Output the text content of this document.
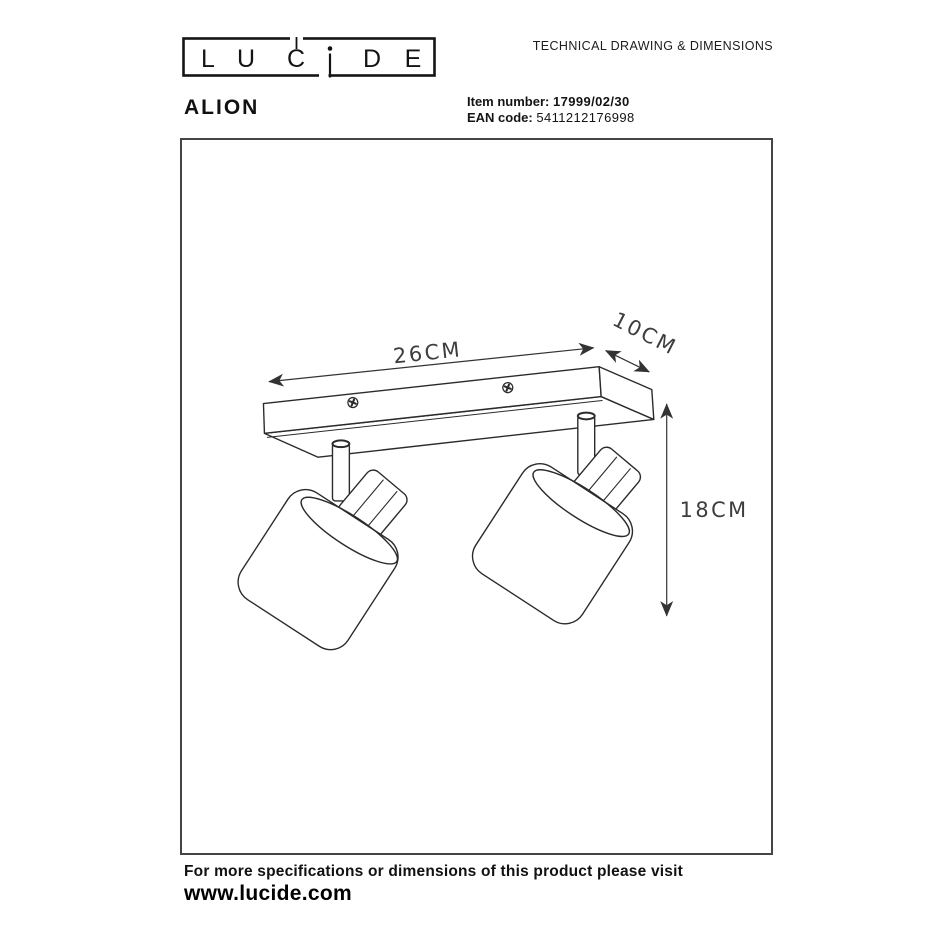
L U C D E	TECHNICAL DRAWING & DIMENSIONS
ALION	Item number: 17999/02/30
EAN code: 5411212176998
26CM	10CM
18CM
For more specifications or dimensions of this product please visit
www.lucide.com
